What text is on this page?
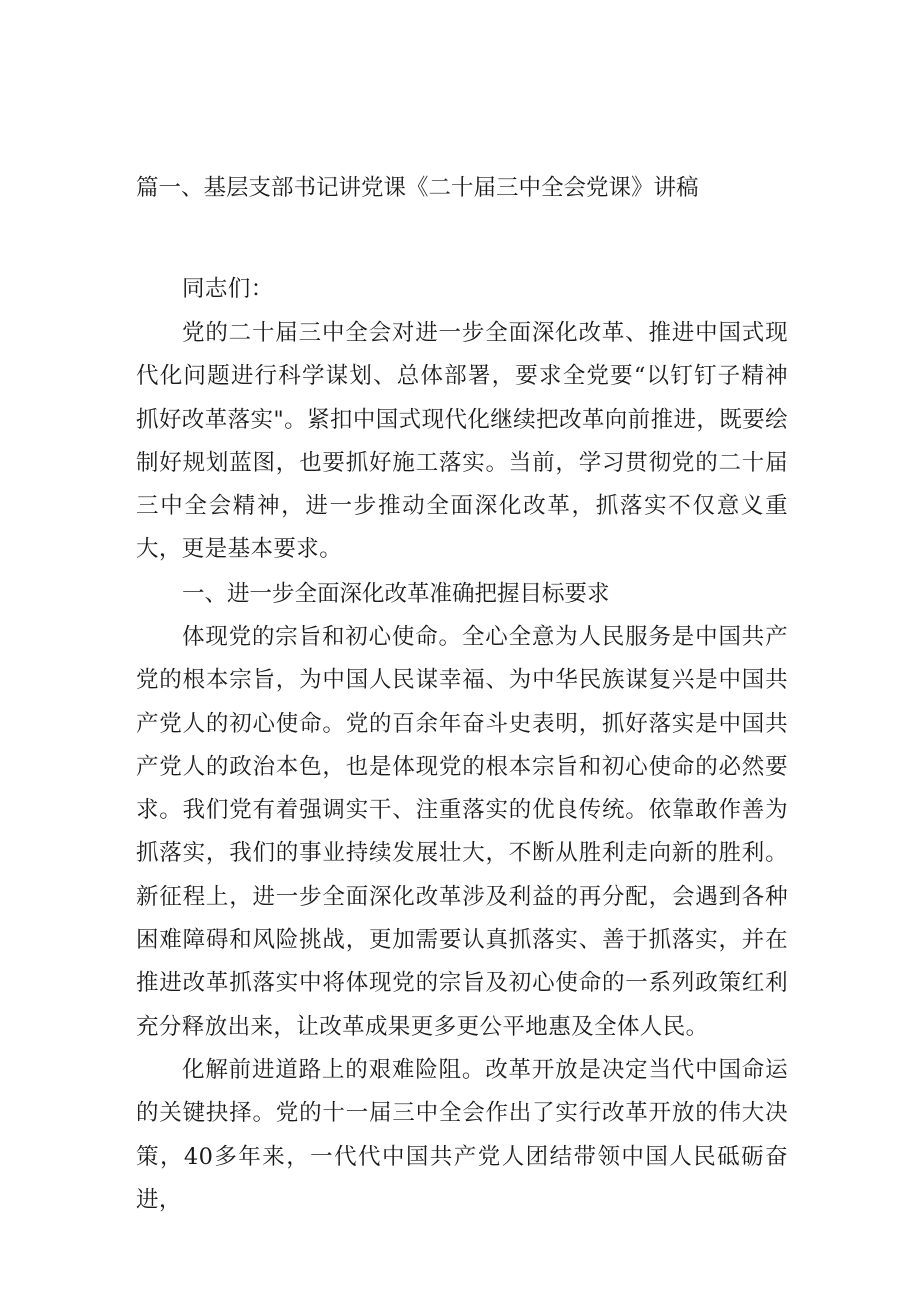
篇一、基层支部书记讲党课《二十届三中全会党课》讲稿

同志们：

党的二十届三中全会对进一步全面深化改革、推进中国式现代化问题进行科学谋划、总体部署，要求全党要“以钉钉子精神抓好改革落实"。紧扣中国式现代化继续把改革向前推进，既要绘制好规划蓝图，也要抓好施工落实。当前，学习贯彻党的二十届三中全会精神，进一步推动全面深化改革，抓落实不仅意义重大，更是基本要求。

一、进一步全面深化改革准确把握目标要求

体现党的宗旨和初心使命。全心全意为人民服务是中国共产党的根本宗旨，为中国人民谋幸福、为中华民族谋复兴是中国共产党人的初心使命。党的百余年奋斗史表明，抓好落实是中国共产党人的政治本色，也是体现党的根本宗旨和初心使命的必然要求。我们党有着强调实干、注重落实的优良传统。依靠敢作善为抓落实，我们的事业持续发展壮大，不断从胜利走向新的胜利。新征程上，进一步全面深化改革涉及利益的再分配，会遇到各种困难障碍和风险挑战，更加需要认真抓落实、善于抓落实，并在推进改革抓落实中将体现党的宗旨及初心使命的一系列政策红利充分释放出来，让改革成果更多更公平地惠及全体人民。

化解前进道路上的艰难险阻。改革开放是决定当代中国命运的关键抉择。党的十一届三中全会作出了实行改革开放的伟大决策，40多年来，一代代中国共产党人团结带领中国人民砥砺奋进，
